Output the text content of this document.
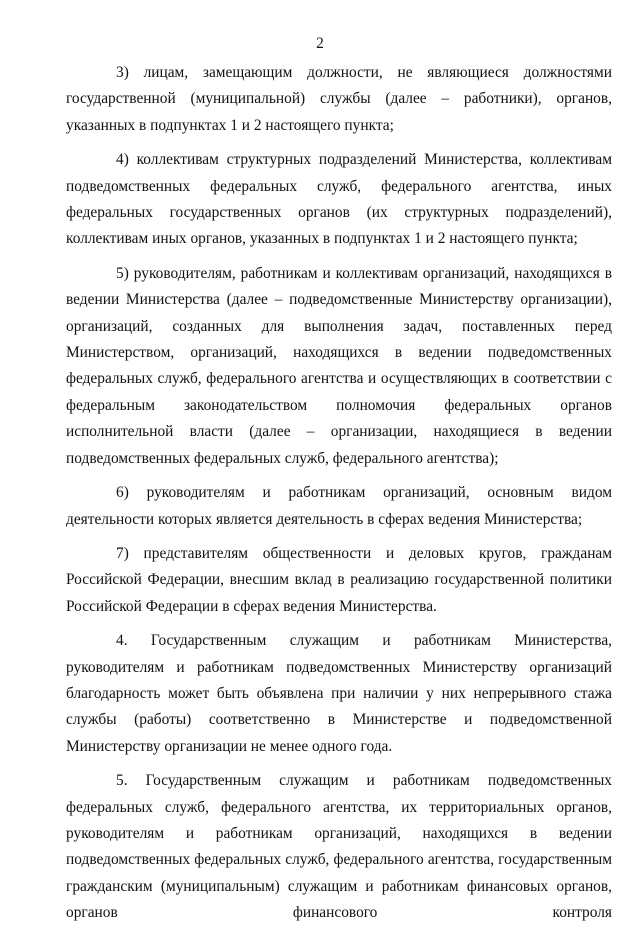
2

3) лицам, замещающим должности, не являющиеся должностями государственной (муниципальной) службы (далее – работники), органов, указанных в подпунктах 1 и 2 настоящего пункта;

4) коллективам структурных подразделений Министерства, коллективам подведомственных федеральных служб, федерального агентства, иных федеральных государственных органов (их структурных подразделений), коллективам иных органов, указанных в подпунктах 1 и 2 настоящего пункта;

5) руководителям, работникам и коллективам организаций, находящихся в ведении Министерства (далее – подведомственные Министерству организации), организаций, созданных для выполнения задач, поставленных перед Министерством, организаций, находящихся в ведении подведомственных федеральных служб, федерального агентства и осуществляющих в соответствии с федеральным законодательством полномочия федеральных органов исполнительной власти (далее – организации, находящиеся в ведении подведомственных федеральных служб, федерального агентства);

6) руководителям и работникам организаций, основным видом деятельности которых является деятельность в сферах ведения Министерства;

7) представителям общественности и деловых кругов, гражданам Российской Федерации, внесшим вклад в реализацию государственной политики Российской Федерации в сферах ведения Министерства.

4. Государственным служащим и работникам Министерства, руководителям и работникам подведомственных Министерству организаций благодарность может быть объявлена при наличии у них непрерывного стажа службы (работы) соответственно в Министерстве и подведомственной Министерству организации не менее одного года.

5. Государственным служащим и работникам подведомственных федеральных служб, федерального агентства, их территориальных органов, руководителям и работникам организаций, находящихся в ведении подведомственных федеральных служб, федерального агентства, государственным гражданским (муниципальным) служащим и работникам финансовых органов, органов финансового контроля
